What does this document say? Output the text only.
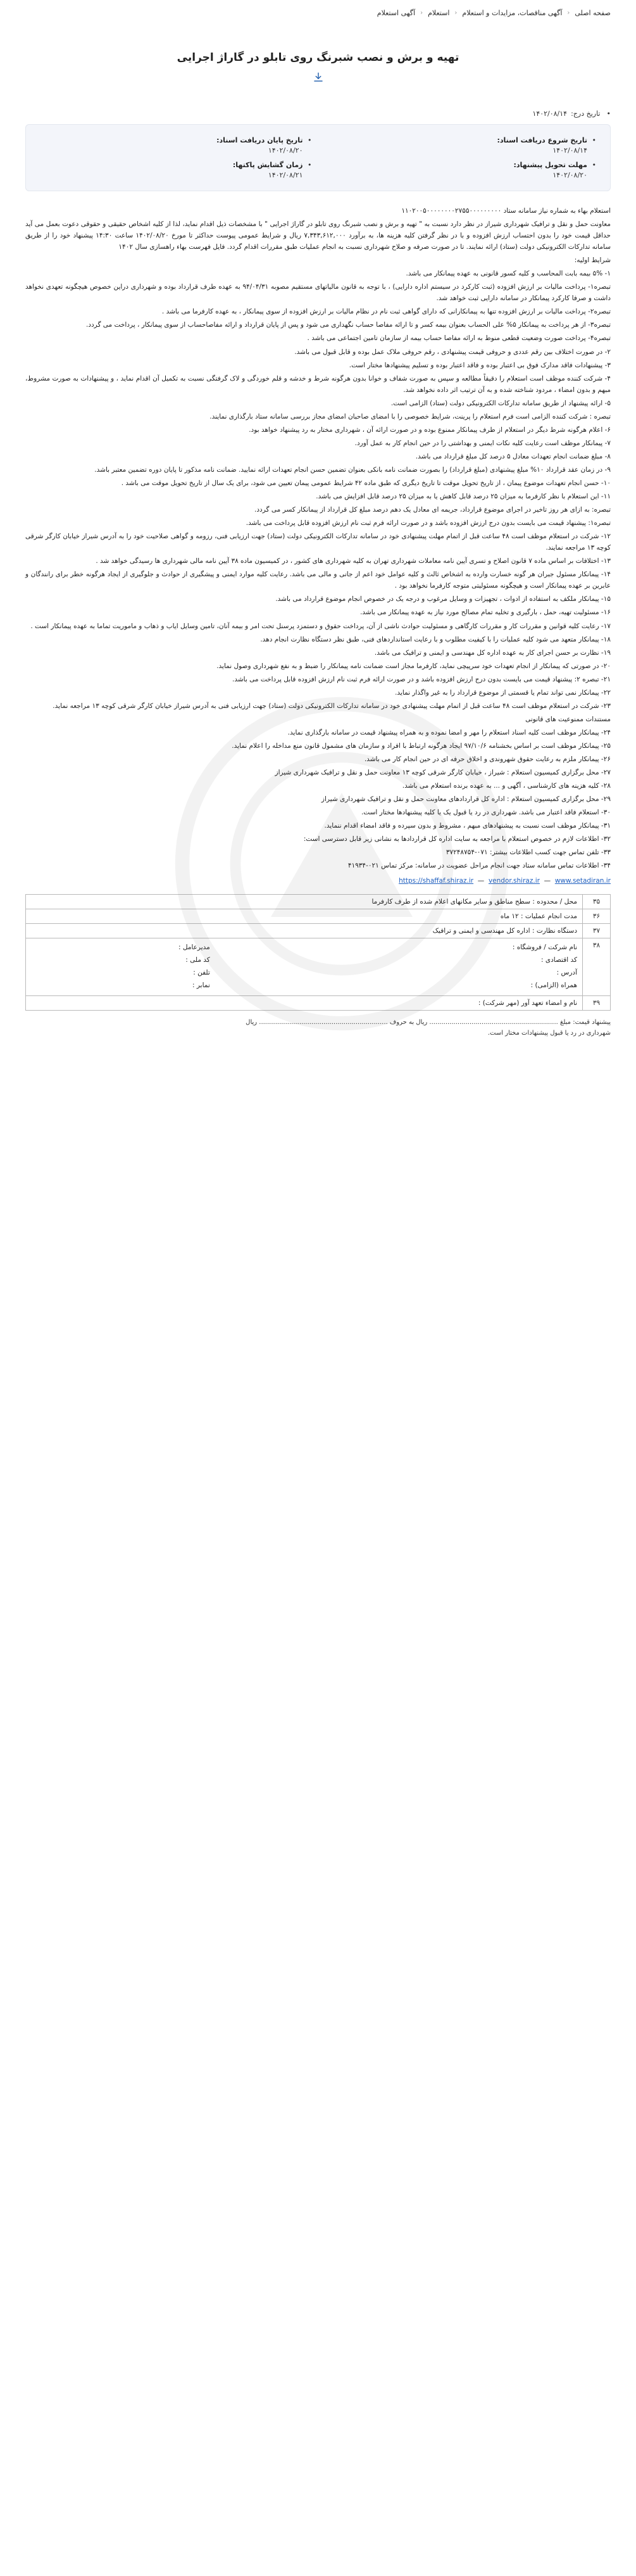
صفحه اصلی
‹
آگهی مناقصات، مزایدات و استعلام
‹
استعلام
‹
آگهی استعلام
تهیه و برش و نصب شبرنگ روی تابلو در گاراژ اجرایی
•
تاریخ درج:
۱۴۰۲/۰۸/۱۴
• تاریخ شروع دریافت اسناد:
۱۴۰۲/۰۸/۱۴
• تاریخ پایان دریافت اسناد:
۱۴۰۲/۰۸/۲۰
• مهلت تحویل پیشنهاد:
۱۴۰۲/۰۸/۲۰
• زمان گشایش پاکتها:
۱۴۰۲/۰۸/۲۱

استعلام بهاء به شماره نیاز سامانه ستاد ۱۱۰۲۰۰۵۰۰۰۰۰۰۰۰۲۷۵۵۰۰۰۰۰۰۰۰۰

معاونت حمل و نقل و ترافیک شهرداری شیراز در نظر دارد نسبت به " تهیه و برش و نصب شبرنگ روی تابلو در گاراژ اجرایی " با مشخصات ذیل اقدام نماید، لذا از کلیه اشخاص حقیقی و حقوقی دعوت بعمل می آید حداقل قیمت خود را بدون احتساب ارزش افزوده و با در نظر گرفتن کلیه هزینه ها، به برآورد ۷,۳۴۳,۶۱۲,۰۰۰ ریال و شرایط عمومی پیوست حداکثر تا مورخ ۱۴۰۲/۰۸/۲۰ ساعت ۱۴:۳۰ پیشنهاد خود را از طریق سامانه تدارکات الکترونیکی دولت (ستاد) ارائه نمایند. تا در صورت صرفه و صلاح شهرداری نسبت به انجام عملیات طبق مقررات اقدام گردد. فایل فهرست بهاء راهسازی سال ۱۴۰۲

شرایط اولیه:

۱- ۵% بیمه بابت المحاسب و کلیه کسور قانونی به عهده پیمانکار می باشد.

تبصره۱- پرداخت مالیات بر ارزش افزوده (ثبت کارکرد در سیستم اداره دارایی) ، با توجه به قانون مالیاتهای مستقیم مصوبه ۹۴/۰۴/۳۱ به عهده طرف قرارداد بوده و شهرداری دراین خصوص هیچگونه تعهدی نخواهد داشت و صرفا کارکرد پیمانکار در سامانه دارایی ثبت خواهد شد.

تبصره۲- پرداخت مالیات بر ارزش افزوده تنها به پیمانکارانی که دارای گواهی ثبت نام در نظام مالیات بر ارزش افزوده از سوی پیمانکار ، به عهده کارفرما می باشد .

تبصره۳- از هر پرداخت به پیمانکار ۵% علی الحساب بعنوان بیمه کسر و تا ارائه مفاصا حساب نگهداری می شود و پس از پایان قرارداد و ارائه مفاصاحساب از سوی پیمانکار ، پرداخت می گردد.

تبصره۴- پرداخت صورت وضعیت قطعی منوط به ارائه مفاصا حساب بیمه از سازمان تامین اجتماعی می باشد .

۲- در صورت اختلاف بین رقم عددی و حروفی قیمت پیشنهادی ، رقم حروفی ملاک عمل بوده و قابل قبول می باشد.

۳- پیشنهادات فاقد مدارک فوق بی اعتبار بوده و فاقد اعتبار بوده و تسلیم پیشنهادها مختار است.

۴- شرکت کننده موظف است استعلام را دقیقاً مطالعه و سپس به صورت شفاف و خوانا بدون هرگونه شرط و خدشه و قلم خوردگی و لاک گرفتگی نسبت به تکمیل آن اقدام نماید ، و پیشنهادات به صورت مشروط، مبهم و بدون امضاء ، مردود شناخته شده و به آن ترتیب اثر داده نخواهد شد.

۵- ارائه پیشنهاد از طریق سامانه تدارکات الکترونیکی دولت (ستاد) الزامی است.

تبصره : شرکت کننده الزامی است فرم استعلام را پرینت، شرایط خصوصی را با امضای صاحبان امضای مجاز بررسی سامانه ستاد بارگذاری نمایند.

۶- اعلام هرگونه شرط دیگر در استعلام از طرف پیمانکار ممنوع بوده و در صورت ارائه آن ، شهرداری مختار به رد پیشنهاد خواهد بود.

۷- پیمانکار موظف است رعایت کلیه نکات ایمنی و بهداشتی را در حین انجام کار به عمل آورد.

۸- مبلغ ضمانت انجام تعهدات معادل ۵ درصد کل مبلغ قرارداد می باشد.

۹- در زمان عقد قرارداد ۱۰% مبلغ پیشنهادی (مبلغ قرارداد) را بصورت ضمانت نامه بانکی بعنوان تضمین حسن انجام تعهدات ارائه نمایید. ضمانت نامه مذکور تا پایان دوره تضمین معتبر باشد.

۱۰- حسن انجام تعهدات موضوع پیمان ، از تاریخ تحویل موقت تا تاریخ دیگری که طبق ماده ۴۲ شرایط عمومی پیمان تعیین می شود، برای یک سال از تاریخ تحویل موقت می باشد .

۱۱- این استعلام با نظر کارفرما به میزان ۲۵ درصد قابل کاهش یا به میزان ۲۵ درصد قابل افزایش می باشد.

تبصره: به ازای هر روز تاخیر در اجرای موضوع قرارداد، جریمه ای معادل یک دهم درصد مبلغ کل قرارداد از پیمانکار کسر می گردد.

تبصره۱: پیشنهاد قیمت می بایست بدون درج ارزش افزوده باشد و در صورت ارائه فرم ثبت نام ارزش افزوده قابل پرداخت می باشد.

۱۲- شرکت در استعلام موظف است ۴۸ ساعت قبل از اتمام مهلت پیشنهادی خود در سامانه تدارکات الکترونیکی دولت (ستاد) جهت ارزیابی فنی، رزومه و گواهی صلاحیت خود را به آدرس شیراز خیابان کارگر شرقی کوچه ۱۳ مراجعه نمایند.

۱۳- اختلافات بر اساس ماده ۷ قانون اصلاح و تسری آیین نامه معاملات شهرداری تهران به کلیه شهرداری های کشور ، در کمیسیون ماده ۳۸ آیین نامه مالی شهرداری ها رسیدگی خواهد شد .

۱۴- پیمانکار مسئول جبران هر گونه خسارت وارده به اشخاص ثالث و کلیه عوامل خود اعم از جانی و مالی می باشد. رعایت کلیه موارد ایمنی و پیشگیری از حوادث و جلوگیری از ایجاد هرگونه خطر برای رانندگان و عابرین بر عهده پیمانکار است و هیچگونه مسئولیتی متوجه کارفرما نخواهد بود .

۱۵- پیمانکار ملکف به استفاده از ادوات ، تجهیزات و وسایل مرغوب و درجه یک در خصوص انجام موضوع قرارداد می باشد.

۱۶- مسئولیت تهیه، حمل ، بارگیری و تخلیه تمام مصالح مورد نیاز به عهده پیمانکار می باشد.

۱۷- رعایت کلیه قوانین و مقررات کار و مقررات کارگاهی و مسئولیت حوادث ناشی از آن، پرداخت حقوق و دستمزد پرسنل تحت امر و بیمه آنان، تامین وسایل ایاب و ذهاب و ماموریت تماما به عهده پیمانکار است .

۱۸- پیمانکار متعهد می شود کلیه عملیات را با کیفیت مطلوب و با رعایت استانداردهای فنی، طبق نظر دستگاه نظارت انجام دهد.

۱۹- نظارت بر حسن اجرای کار به عهده اداره کل مهندسی و ایمنی و ترافیک می باشد.

۲۰- در صورتی که پیمانکار از انجام تعهدات خود سرپیچی نماید، کارفرما مجاز است ضمانت نامه پیمانکار را ضبط و به نفع شهرداری وصول نماید.

۲۱- تبصره ۲: پیشنهاد قیمت می بایست بدون درج ارزش افزوده باشد و در صورت ارائه فرم ثبت نام ارزش افزوده قابل پرداخت می باشد.

۲۲- پیمانکار نمی تواند تمام یا قسمتی از موضوع قرارداد را به غیر واگذار نماید.

۲۳- شرکت در استعلام موظف است ۴۸ ساعت قبل از اتمام مهلت پیشنهادی خود در سامانه تدارکات الکترونیکی دولت (ستاد) جهت ارزیابی فنی به آدرس شیراز خیابان کارگر شرقی کوچه ۱۳ مراجعه نماید.

مستندات ممنوعیت های قانونی

۲۴- پیمانکار موظف است کلیه اسناد استعلام را مهر و امضا نموده و به همراه پیشنهاد قیمت در سامانه بارگذاری نماید.

۲۵- پیمانکار موظف است بر اساس بخشنامه ۹۷/۱۰/۶ ایجاد هرگونه ارتباط با افراد و سازمان های مشمول قانون منع مداخله را اعلام نماید.

۲۶- پیمانکار ملزم به رعایت حقوق شهروندی و اخلاق حرفه ای در حین انجام کار می باشد.

۲۷- محل برگزاری کمیسیون استعلام : شیراز ، خیابان کارگر شرقی کوچه ۱۳ معاونت حمل و نقل و ترافیک شهرداری شیراز

۲۸- کلیه هزینه های کارشناسی ، آگهی و ... به عهده برنده استعلام می باشد.

۲۹- محل برگزاری کمیسیون استعلام : اداره کل قراردادهای معاونت حمل و نقل و ترافیک شهرداری شیراز

۳۰- استعلام فاقد اعتبار می باشد. شهرداری در رد یا قبول یک یا کلیه پیشنهادها مختار است.

۳۱- پیمانکار موظف است نسبت به پیشنهادهای مبهم ، مشروط و بدون سپرده و فاقد امضاء اقدام ننماید.

۳۲- اطلاعات لازم در خصوص استعلام با مراجعه به سایت اداره کل قراردادها به نشانی زیر قابل دسترسی است:

۳۳- تلفن تماس جهت کسب اطلاعات بیشتر: ۰۷۱-۳۷۲۴۸۷۵۴

۳۴- اطلاعات تماس سامانه ستاد جهت انجام مراحل عضویت در سامانه: مرکز تماس ۰۲۱-۴۱۹۳۴

https://shaffaf.shiraz.ir  —  vendor.shiraz.ir  —  www.setadiran.ir

۳۵	محل / محدوده : سطح مناطق و سایر مکانهای اعلام شده از طرف کارفرما
۳۶	مدت انجام عملیات : ۱۲ ماه
۳۷	دستگاه نظارت : اداره کل مهندسی و ایمنی و ترافیک
۳۸	
نام شرکت / فروشگاه :	مدیرعامل :
کد اقتصادی :	کد ملی :
آدرس :	تلفن :
همراه (الزامی) :	نمابر :

۳۹	نام و امضاء تعهد آور (مهر شرکت) :

پیشنهاد قیمت: مبلغ ................................................................ ریال به حروف ................................................................ ریال

شهرداری در رد یا قبول پیشنهادات مختار است.
